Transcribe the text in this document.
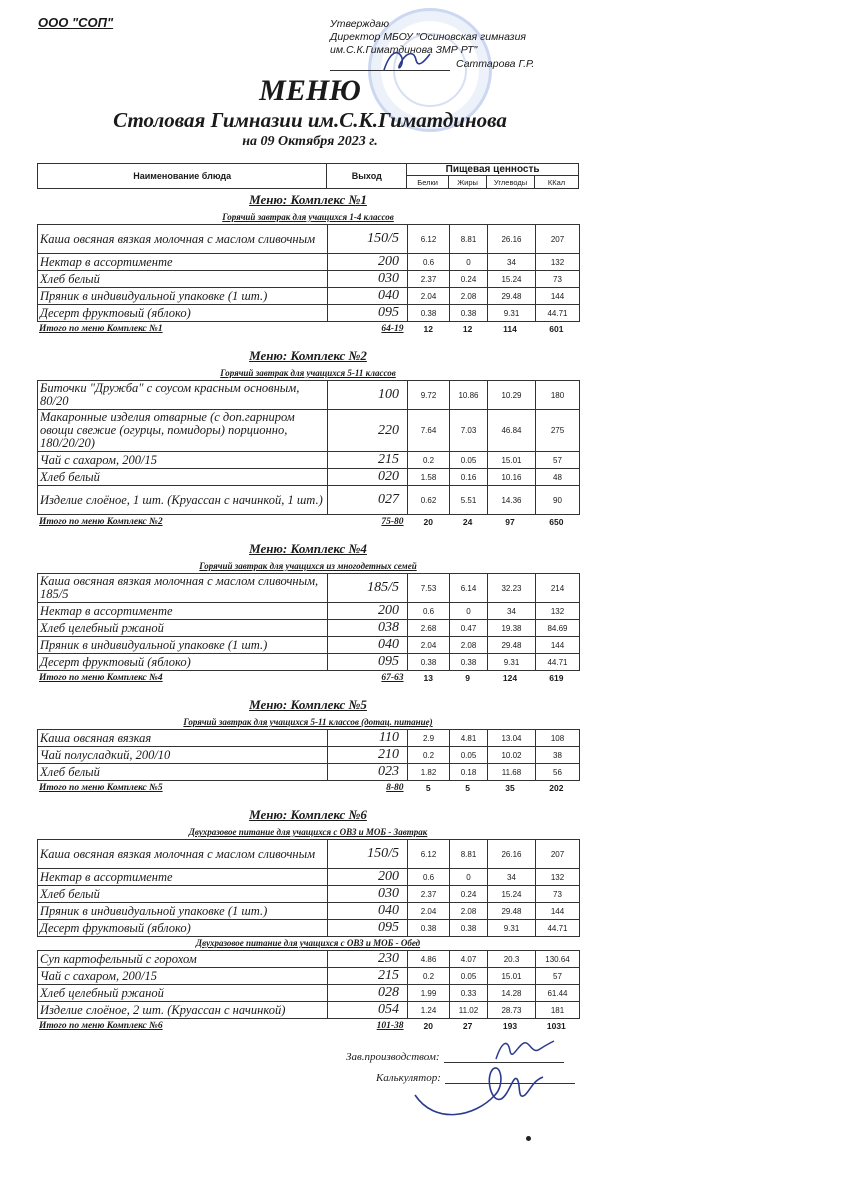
ООО "СОП"	Утверждаю
Директор МБОУ "Осиновская гимназия
им.С.К.Гиматдинова ЗМР РТ"
Саттарова Г.Р.
МЕНЮ
Столовая Гимназии им.С.К.Гиматдинова
на 09 Октября 2023 г.
Наименование блюда	Выход	Пищевая ценность			
		Белки	Жиры	Углеводы	ККал
Меню: Комплекс №1
Горячий завтрак для учащихся 1-4 классов
Каша овсяная вязкая молочная с маслом сливочным	150/5	6.12	8.81	26.16	207
Нектар в ассортименте	200	0.6	0	34	132
Хлеб белый	030	2.37	0.24	15.24	73
Пряник в индивидуальной упаковке (1 шт.)	040	2.04	2.08	29.48	144
Десерт фруктовый (яблоко)	095	0.38	0.38	9.31	44.71
Итого по меню Комплекс №1	64-19	12	12	114	601
Меню: Комплекс №2
Горячий завтрак для учащихся 5-11 классов
Биточки "Дружба" с соусом красным основным, 80/20	100	9.72	10.86	10.29	180
Макаронные изделия отварные (с доп.гарниром овощи свежие (огурцы, помидоры) порционно, 180/20/20)	220	7.64	7.03	46.84	275
Чай с сахаром, 200/15	215	0.2	0.05	15.01	57
Хлеб белый	020	1.58	0.16	10.16	48
Изделие слоёное, 1 шт. (Круассан с начинкой, 1 шт.)	027	0.62	5.51	14.36	90
Итого по меню Комплекс №2	75-80	20	24	97	650
Меню: Комплекс №4
Горячий завтрак для учащихся из многодетных семей
Каша овсяная вязкая молочная с маслом сливочным, 185/5	185/5	7.53	6.14	32.23	214
Нектар в ассортименте	200	0.6	0	34	132
Хлеб целебный ржаной	038	2.68	0.47	19.38	84.69
Пряник в индивидуальной упаковке (1 шт.)	040	2.04	2.08	29.48	144
Десерт фруктовый (яблоко)	095	0.38	0.38	9.31	44.71
Итого по меню Комплекс №4	67-63	13	9	124	619
Меню: Комплекс №5
Горячий завтрак для учащихся 5-11 классов (дотац. питание)
Каша овсяная вязкая	110	2.9	4.81	13.04	108
Чай полусладкий, 200/10	210	0.2	0.05	10.02	38
Хлеб белый	023	1.82	0.18	11.68	56
Итого по меню Комплекс №5	8-80	5	5	35	202
Меню: Комплекс №6
Двухразовое питание для учащихся с ОВЗ и МОБ - Завтрак
Каша овсяная вязкая молочная с маслом сливочным	150/5	6.12	8.81	26.16	207
Нектар в ассортименте	200	0.6	0	34	132
Хлеб белый	030	2.37	0.24	15.24	73
Пряник в индивидуальной упаковке (1 шт.)	040	2.04	2.08	29.48	144
Десерт фруктовый (яблоко)	095	0.38	0.38	9.31	44.71
Двухразовое питание для учащихся с ОВЗ и МОБ - Обед
Суп картофельный с горохом	230	4.86	4.07	20.3	130.64
Чай с сахаром, 200/15	215	0.2	0.05	15.01	57
Хлеб целебный ржаной	028	1.99	0.33	14.28	61.44
Изделие слоёное, 2 шт. (Круассан с начинкой)	054	1.24	11.02	28.73	181
Итого по меню Комплекс №6	101-38	20	27	193	1031
Зав.производством:
Калькулятор:
